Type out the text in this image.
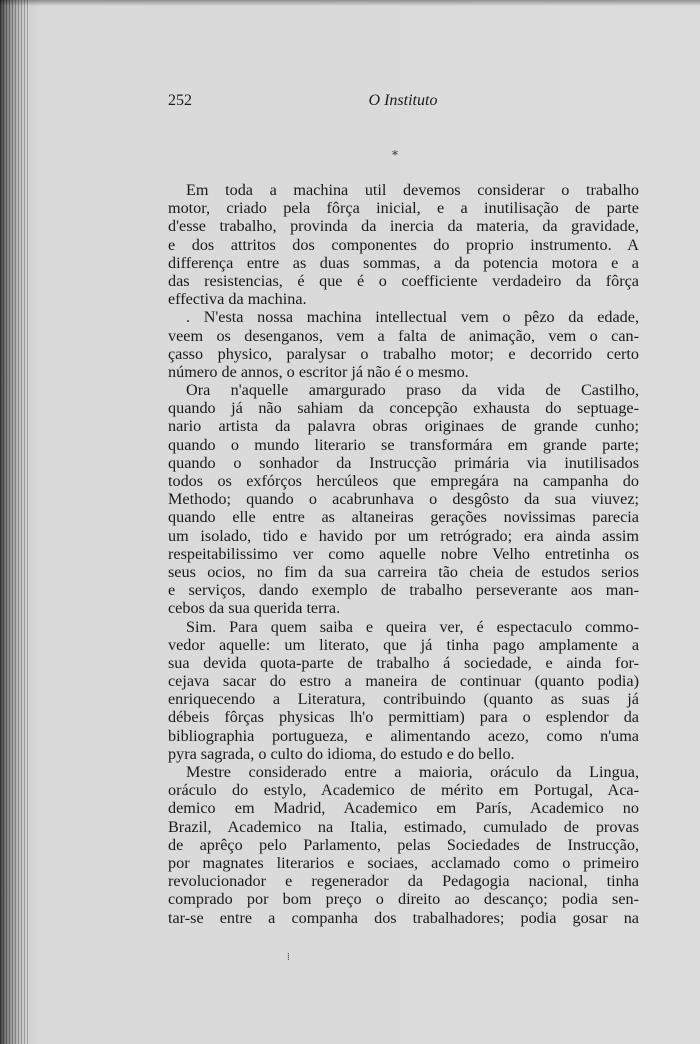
252	O Instituto
*
Em toda a machina util devemos considerar o trabalho
motor, criado pela fôrça inicial, e a inutilisação de parte
d'esse trabalho, provinda da inercia da materia, da gravidade,
e dos attritos dos componentes do proprio instrumento. A
differença entre as duas sommas, a da potencia motora e a
das resistencias, é que é o coefficiente verdadeiro da fôrça
effectiva da machina.
. N'esta nossa machina intellectual vem o pêzo da edade,
veem os desenganos, vem a falta de animação, vem o can-
çasso physico, paralysar o trabalho motor; e decorrido certo
número de annos, o escritor já não é o mesmo.
Ora n'aquelle amargurado praso da vida de Castilho,
quando já não sahiam da concepção exhausta do septuage-
nario artista da palavra obras originaes de grande cunho;
quando o mundo literario se transformára em grande parte;
quando o sonhador da Instrucção primária via inutilisados
todos os exfórços hercúleos que empregára na campanha do
Methodo; quando o acabrunhava o desgôsto da sua viuvez;
quando elle entre as altaneiras gerações novissimas parecia
um isolado, tido e havido por um retrógrado; era ainda assim
respeitabilissimo ver como aquelle nobre Velho entretinha os
seus ocios, no fim da sua carreira tão cheia de estudos serios
e serviços, dando exemplo de trabalho perseverante aos man-
cebos da sua querida terra.
Sim. Para quem saiba e queira ver, é espectaculo commo-
vedor aquelle: um literato, que já tinha pago amplamente a
sua devida quota-parte de trabalho á sociedade, e ainda for-
cejava sacar do estro a maneira de continuar (quanto podia)
enriquecendo a Literatura, contribuindo (quanto as suas já
débeis fôrças physicas lh'o permittiam) para o esplendor da
bibliographia portugueza, e alimentando acezo, como n'uma
pyra sagrada, o culto do idioma, do estudo e do bello.
Mestre considerado entre a maioria, oráculo da Lingua,
oráculo do estylo, Academico de mérito em Portugal, Aca-
demico em Madrid, Academico em París, Academico no
Brazil, Academico na Italia, estimado, cumulado de provas
de aprêço pelo Parlamento, pelas Sociedades de Instrucção,
por magnates literarios e sociaes, acclamado como o primeiro
revolucionador e regenerador da Pedagogia nacional, tinha
comprado por bom preço o direito ao descanço; podia sen-
tar-se entre a companha dos trabalhadores; podia gosar na
⁞
